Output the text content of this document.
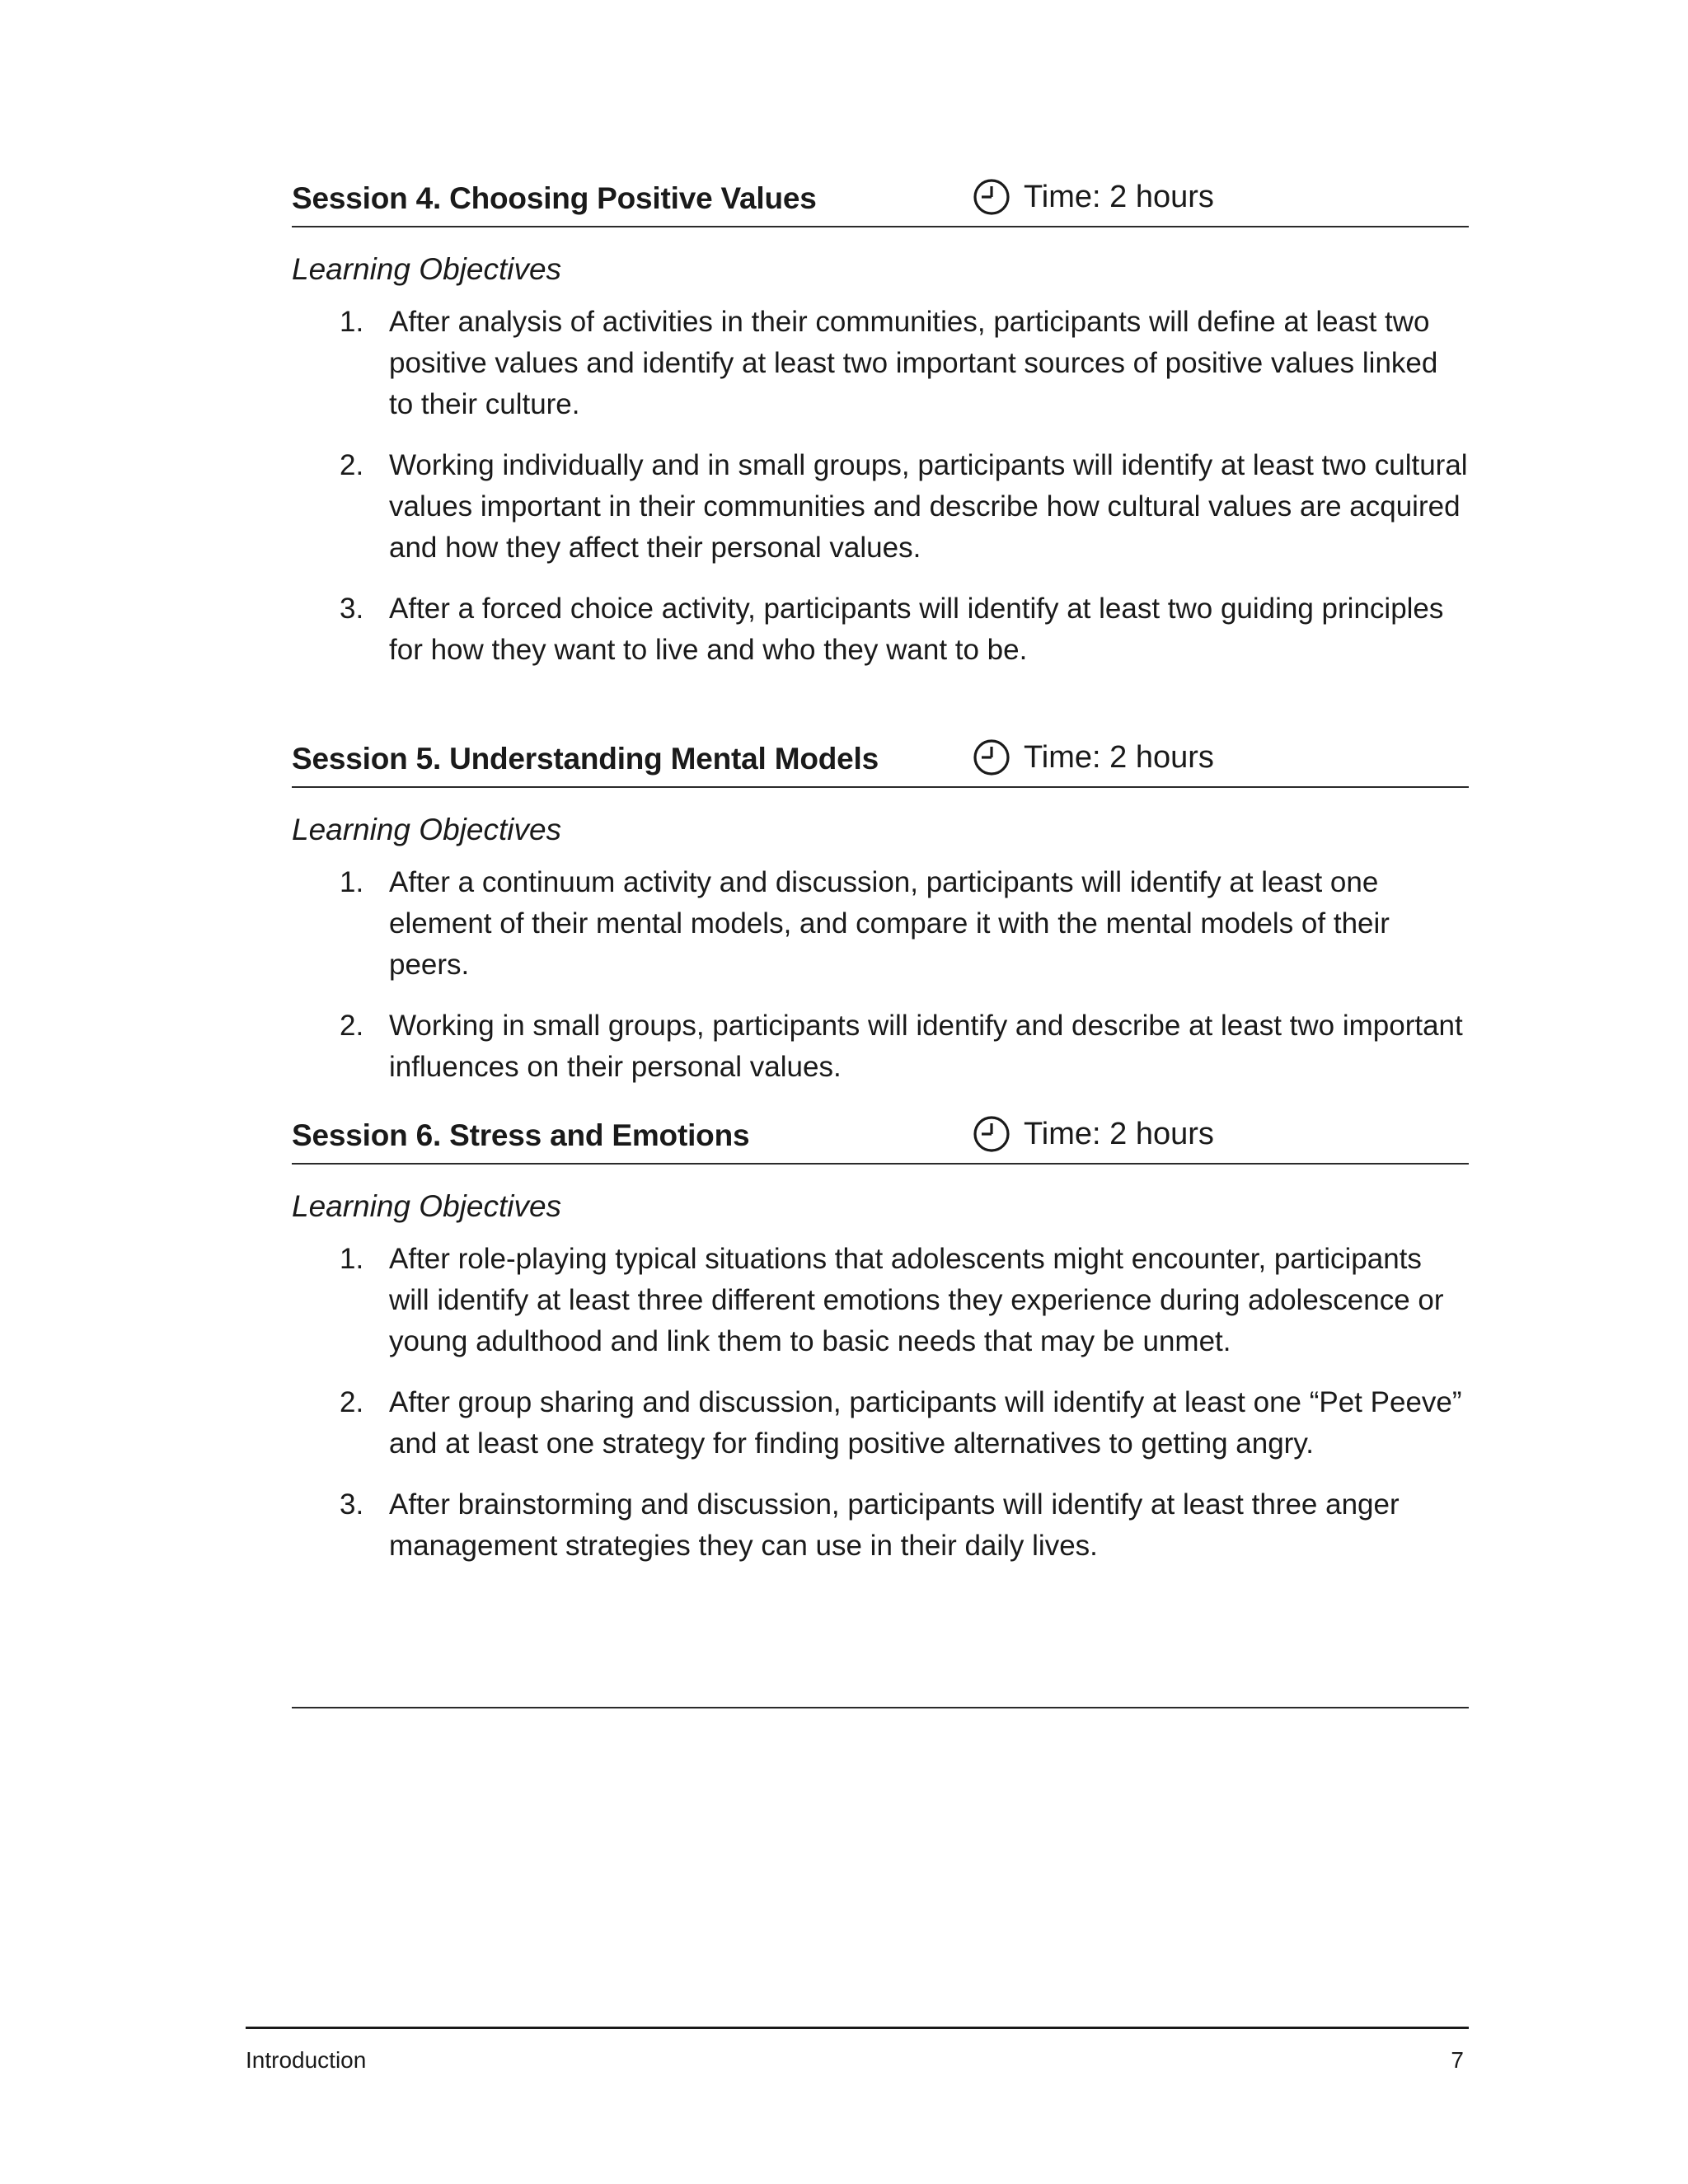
Session 4. Choosing Positive Values	Time: 2 hours
Learning Objectives
1. After analysis of activities in their communities, participants will define at least two positive values and identify at least two important sources of positive values linked to their culture.
2. Working individually and in small groups, participants will identify at least two cultural values important in their communities and describe how cultural values are acquired and how they affect their personal values.
3. After a forced choice activity, participants will identify at least two guiding principles for how they want to live and who they want to be.
Session 5. Understanding Mental Models	Time: 2 hours
Learning Objectives
1. After a continuum activity and discussion, participants will identify at least one element of their mental models, and compare it with the mental models of their peers.
2. Working in small groups, participants will identify and describe at least two important influences on their personal values.
Session 6. Stress and Emotions	Time: 2 hours
Learning Objectives
1. After role-playing typical situations that adolescents might encounter, participants will identify at least three different emotions they experience during adolescence or young adulthood and link them to basic needs that may be unmet.
2. After group sharing and discussion, participants will identify at least one “Pet Peeve” and at least one strategy for finding positive alternatives to getting angry.
3. After brainstorming and discussion, participants will identify at least three anger management strategies they can use in their daily lives.
Introduction	7
